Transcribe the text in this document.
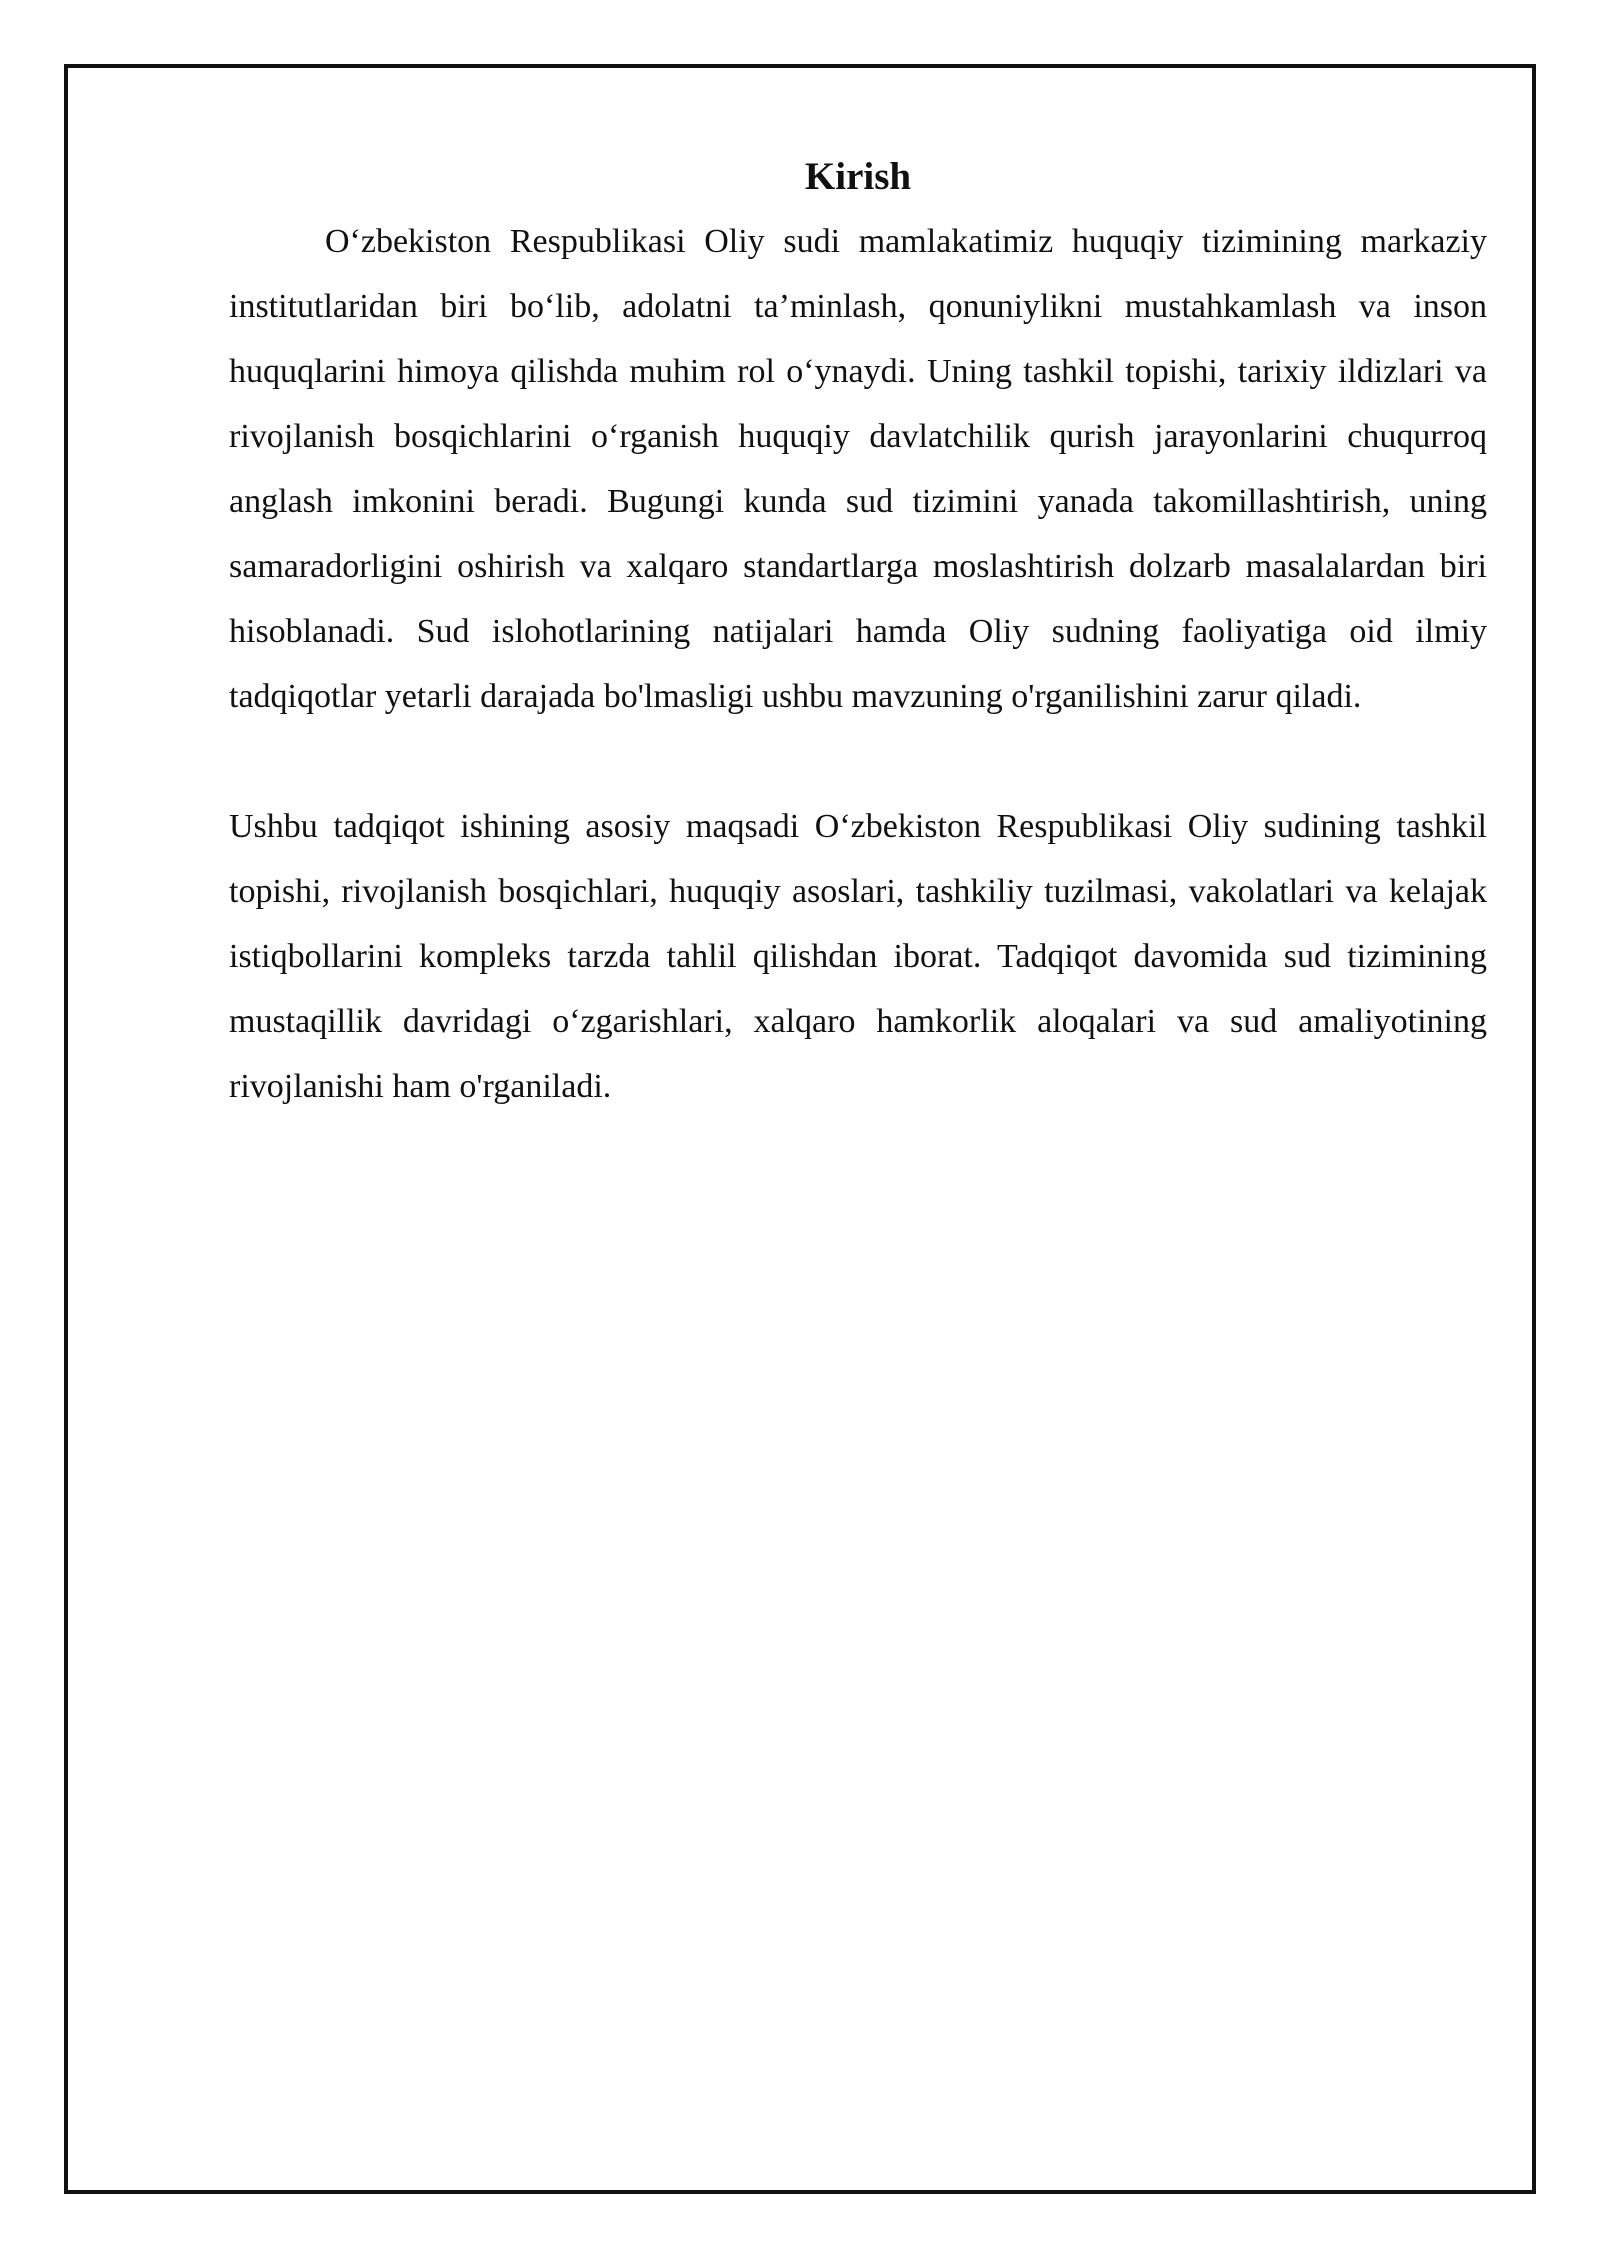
Kirish

O‘zbekiston Respublikasi Oliy sudi mamlakatimiz huquqiy tizimining markaziy institutlaridan biri bo‘lib, adolatni ta’minlash, qonuniylikni mustahkamlash va inson huquqlarini himoya qilishda muhim rol o‘ynaydi. Uning tashkil topishi, tarixiy ildizlari va rivojlanish bosqichlarini o‘rganish huquqiy davlatchilik qurish jarayonlarini chuqurroq anglash imkonini beradi. Bugungi kunda sud tizimini yanada takomillashtirish, uning samaradorligini oshirish va xalqaro standartlarga moslashtirish dolzarb masalalardan biri hisoblanadi. Sud islohotlarining natijalari hamda Oliy sudning faoliyatiga oid ilmiy tadqiqotlar yetarli darajada bo'lmasligi ushbu mavzuning o'rganilishini zarur qiladi.

Ushbu tadqiqot ishining asosiy maqsadi O‘zbekiston Respublikasi Oliy sudining tashkil topishi, rivojlanish bosqichlari, huquqiy asoslari, tashkiliy tuzilmasi, vakolatlari va kelajak istiqbollarini kompleks tarzda tahlil qilishdan iborat. Tadqiqot davomida sud tizimining mustaqillik davridagi o‘zgarishlari, xalqaro hamkorlik aloqalari va sud amaliyotining rivojlanishi ham o'rganiladi.
